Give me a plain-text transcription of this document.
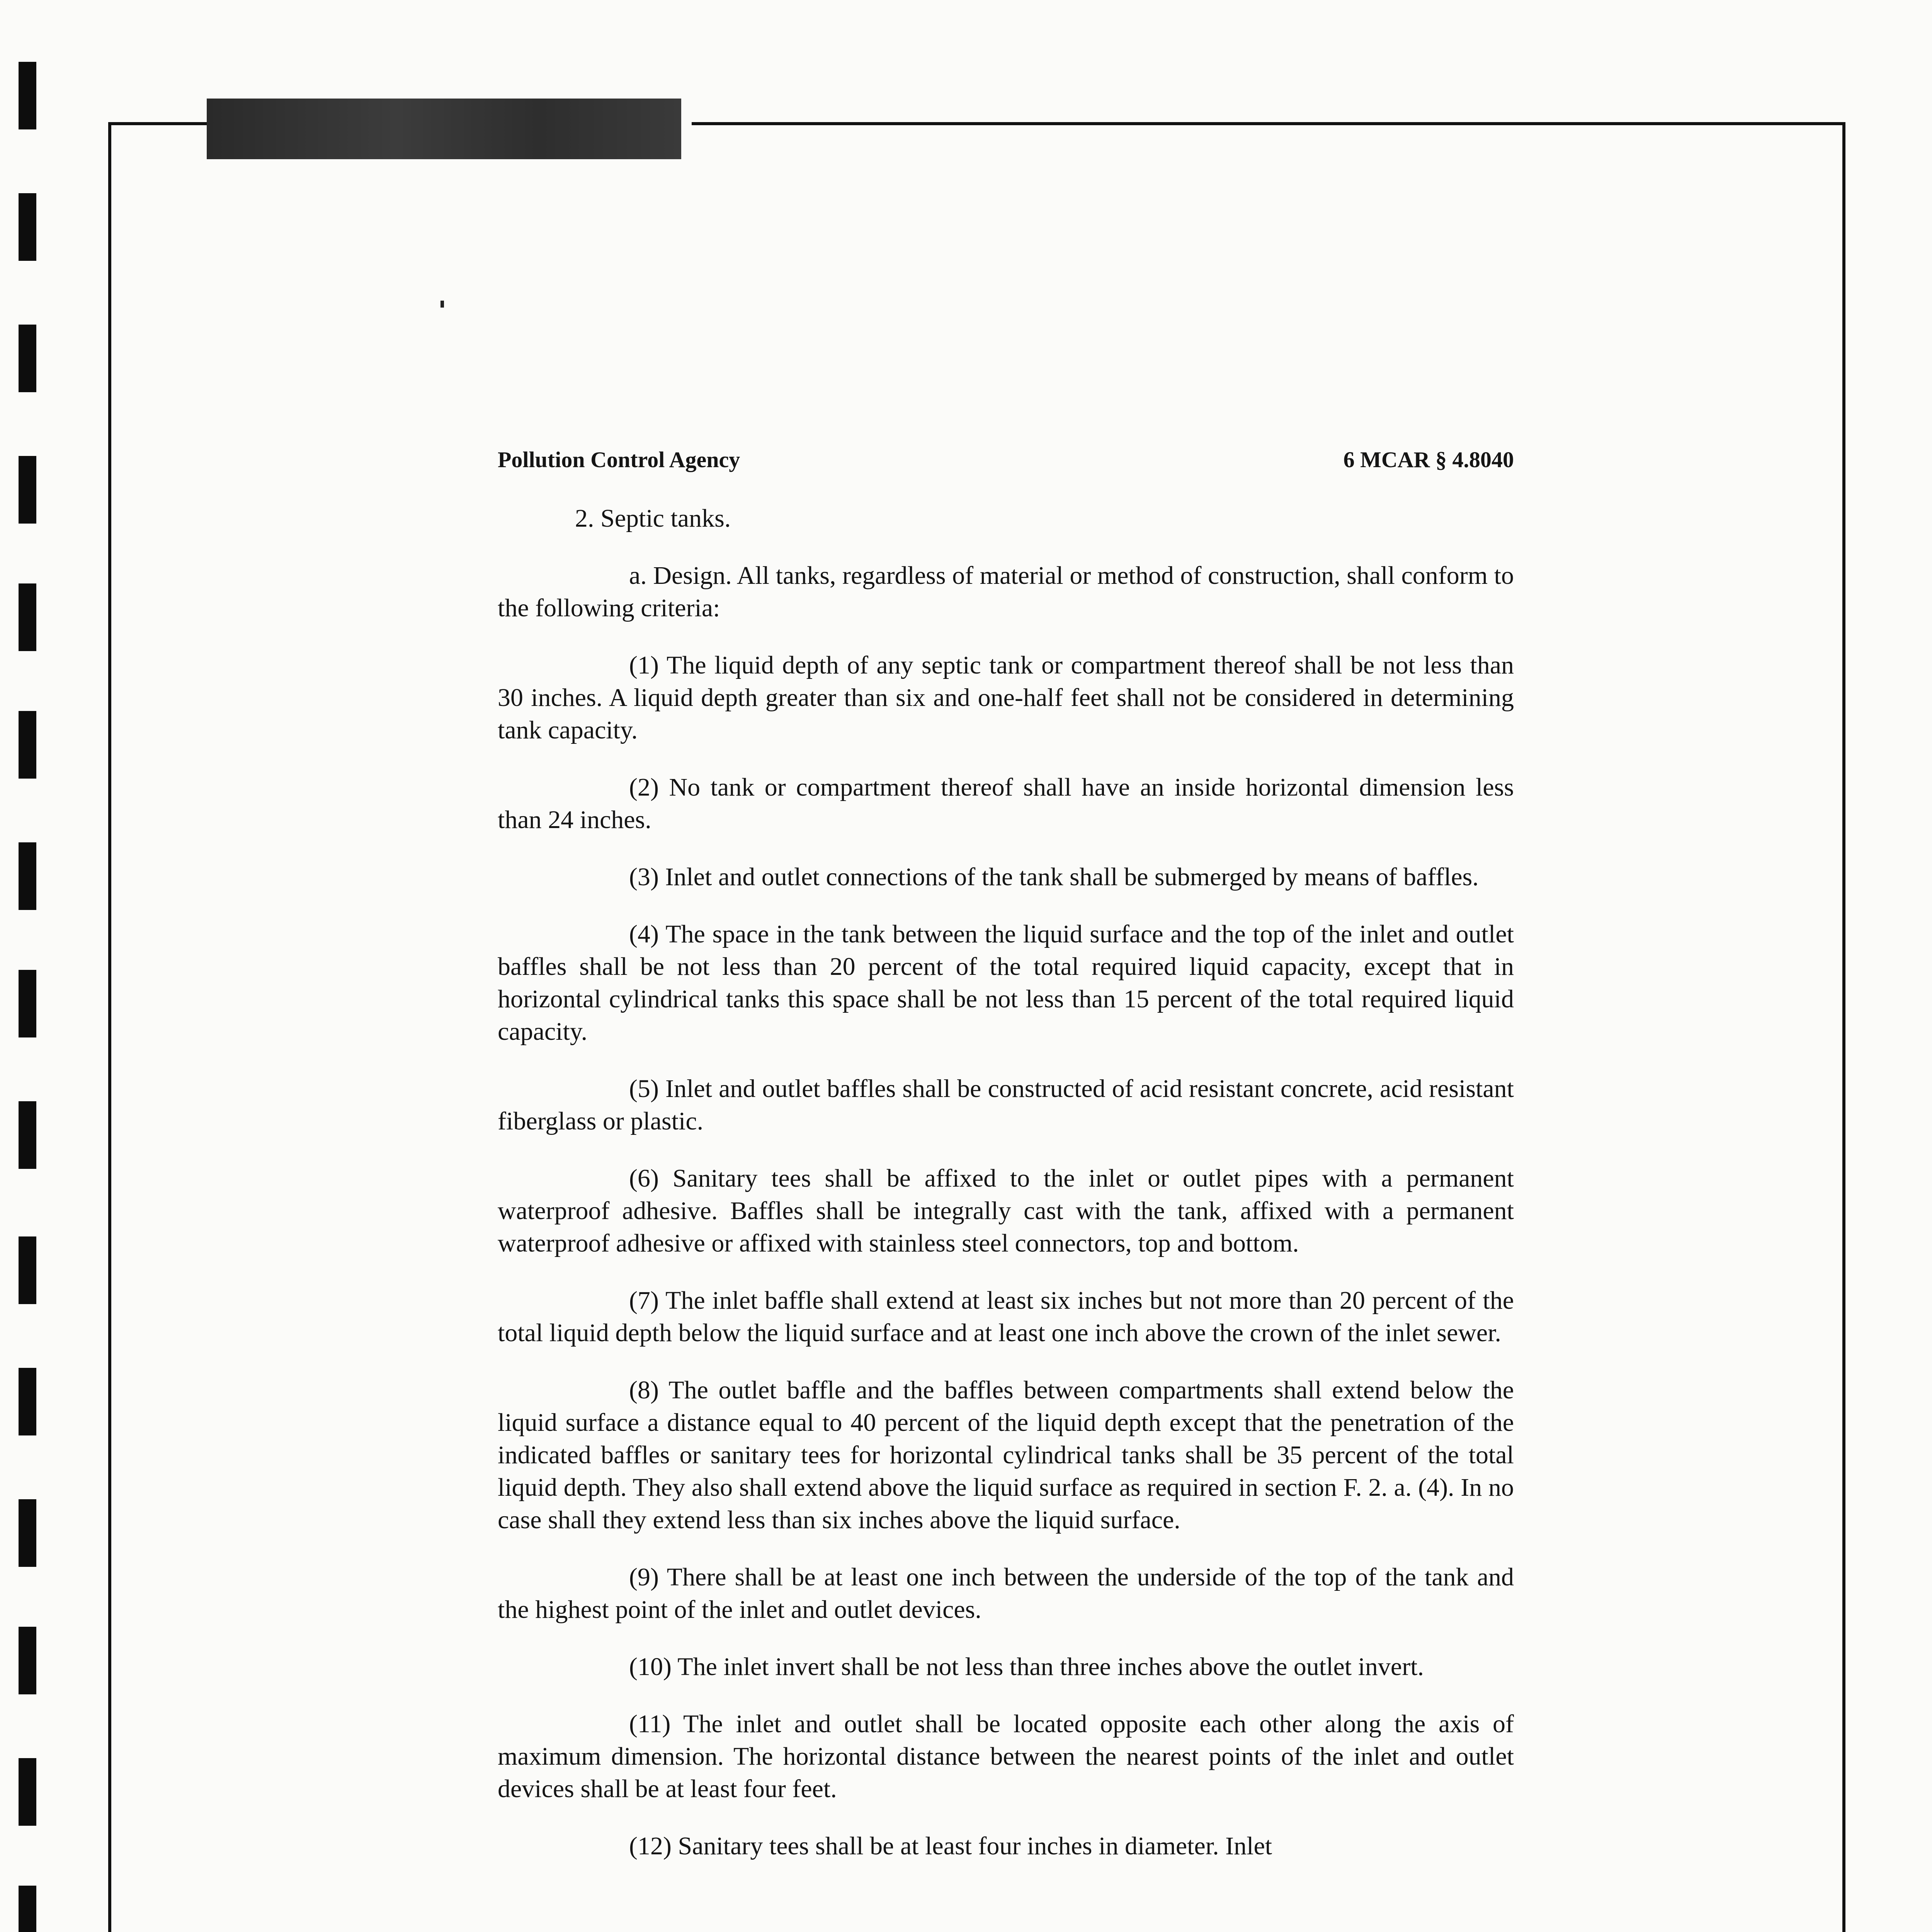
Pollution Control Agency	6 MCAR § 4.8040

2. Septic tanks.

a. Design. All tanks, regardless of material or method of construction, shall conform to the following criteria:

(1) The liquid depth of any septic tank or compartment thereof shall be not less than 30 inches. A liquid depth greater than six and one-half feet shall not be considered in determining tank capacity.

(2) No tank or compartment thereof shall have an inside horizontal dimension less than 24 inches.

(3) Inlet and outlet connections of the tank shall be submerged by means of baffles.

(4) The space in the tank between the liquid surface and the top of the inlet and outlet baffles shall be not less than 20 percent of the total required liquid capacity, except that in horizontal cylindrical tanks this space shall be not less than 15 percent of the total required liquid capacity.

(5) Inlet and outlet baffles shall be constructed of acid resistant concrete, acid resistant fiberglass or plastic.

(6) Sanitary tees shall be affixed to the inlet or outlet pipes with a permanent waterproof adhesive. Baffles shall be integrally cast with the tank, affixed with a permanent waterproof adhesive or affixed with stainless steel connectors, top and bottom.

(7) The inlet baffle shall extend at least six inches but not more than 20 percent of the total liquid depth below the liquid surface and at least one inch above the crown of the inlet sewer.

(8) The outlet baffle and the baffles between compartments shall extend below the liquid surface a distance equal to 40 percent of the liquid depth except that the penetration of the indicated baffles or sanitary tees for horizontal cylindrical tanks shall be 35 percent of the total liquid depth. They also shall extend above the liquid surface as required in section F. 2. a. (4). In no case shall they extend less than six inches above the liquid surface.

(9) There shall be at least one inch between the underside of the top of the tank and the highest point of the inlet and outlet devices.

(10) The inlet invert shall be not less than three inches above the outlet invert.

(11) The inlet and outlet shall be located opposite each other along the axis of maximum dimension. The horizontal distance between the nearest points of the inlet and outlet devices shall be at least four feet.

(12) Sanitary tees shall be at least four inches in diameter. Inlet
